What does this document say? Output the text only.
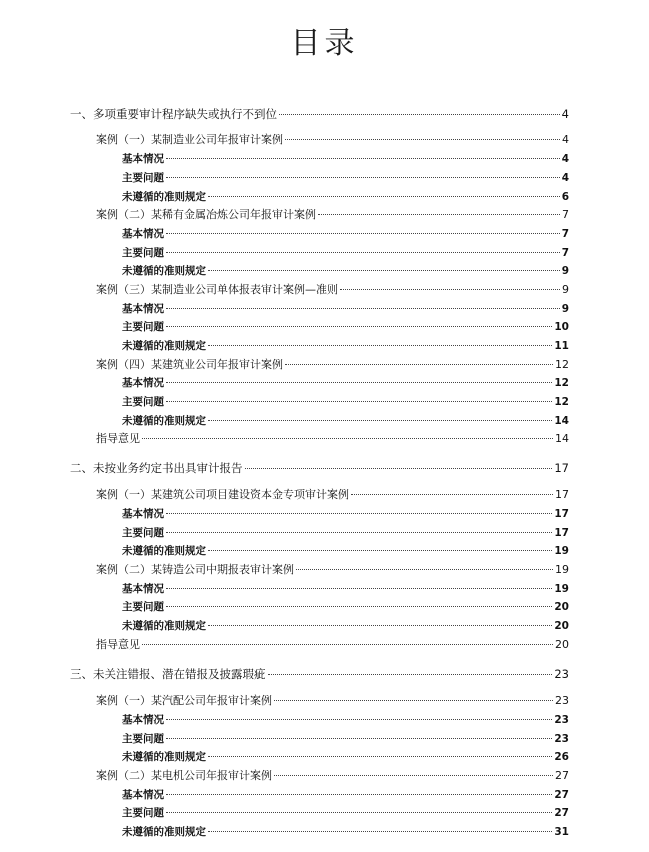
目录
一、多项重要审计程序缺失或执行不到位	4
案例（一）某制造业公司年报审计案例	4
基本情况	4
主要问题	4
未遵循的准则规定	6
案例（二）某稀有金属冶炼公司年报审计案例	7
基本情况	7
主要问题	7
未遵循的准则规定	9
案例（三）某制造业公司单体报表审计案例—准则	9
基本情况	9
主要问题	10
未遵循的准则规定	11
案例（四）某建筑业公司年报审计案例	12
基本情况	12
主要问题	12
未遵循的准则规定	14
指导意见	14
二、未按业务约定书出具审计报告	17
案例（一）某建筑公司项目建设资本金专项审计案例	17
基本情况	17
主要问题	17
未遵循的准则规定	19
案例（二）某铸造公司中期报表审计案例	19
基本情况	19
主要问题	20
未遵循的准则规定	20
指导意见	20
三、未关注错报、潜在错报及披露瑕疵	23
案例（一）某汽配公司年报审计案例	23
基本情况	23
主要问题	23
未遵循的准则规定	26
案例（二）某电机公司年报审计案例	27
基本情况	27
主要问题	27
未遵循的准则规定	31
